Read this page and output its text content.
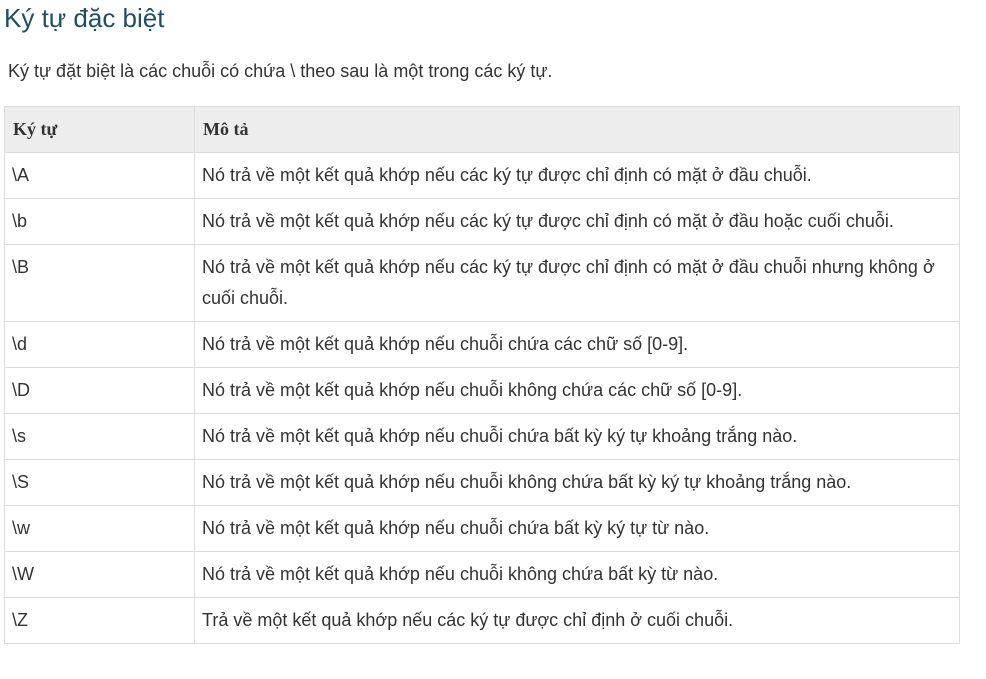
Ký tự đặc biệt

Ký tự đặt biệt là các chuỗi có chứa \ theo sau là một trong các ký tự.

Ký tự	Mô tả
\A	Nó trả về một kết quả khớp nếu các ký tự được chỉ định có mặt ở đầu chuỗi.
\b	Nó trả về một kết quả khớp nếu các ký tự được chỉ định có mặt ở đầu hoặc cuối chuỗi.
\B	Nó trả về một kết quả khớp nếu các ký tự được chỉ định có mặt ở đầu chuỗi nhưng không ở cuối chuỗi.
\d	Nó trả về một kết quả khớp nếu chuỗi chứa các chữ số [0-9].
\D	Nó trả về một kết quả khớp nếu chuỗi không chứa các chữ số [0-9].
\s	Nó trả về một kết quả khớp nếu chuỗi chứa bất kỳ ký tự khoảng trắng nào.
\S	Nó trả về một kết quả khớp nếu chuỗi không chứa bất kỳ ký tự khoảng trắng nào.
\w	Nó trả về một kết quả khớp nếu chuỗi chứa bất kỳ ký tự từ nào.
\W	Nó trả về một kết quả khớp nếu chuỗi không chứa bất kỳ từ nào.
\Z	Trả về một kết quả khớp nếu các ký tự được chỉ định ở cuối chuỗi.
